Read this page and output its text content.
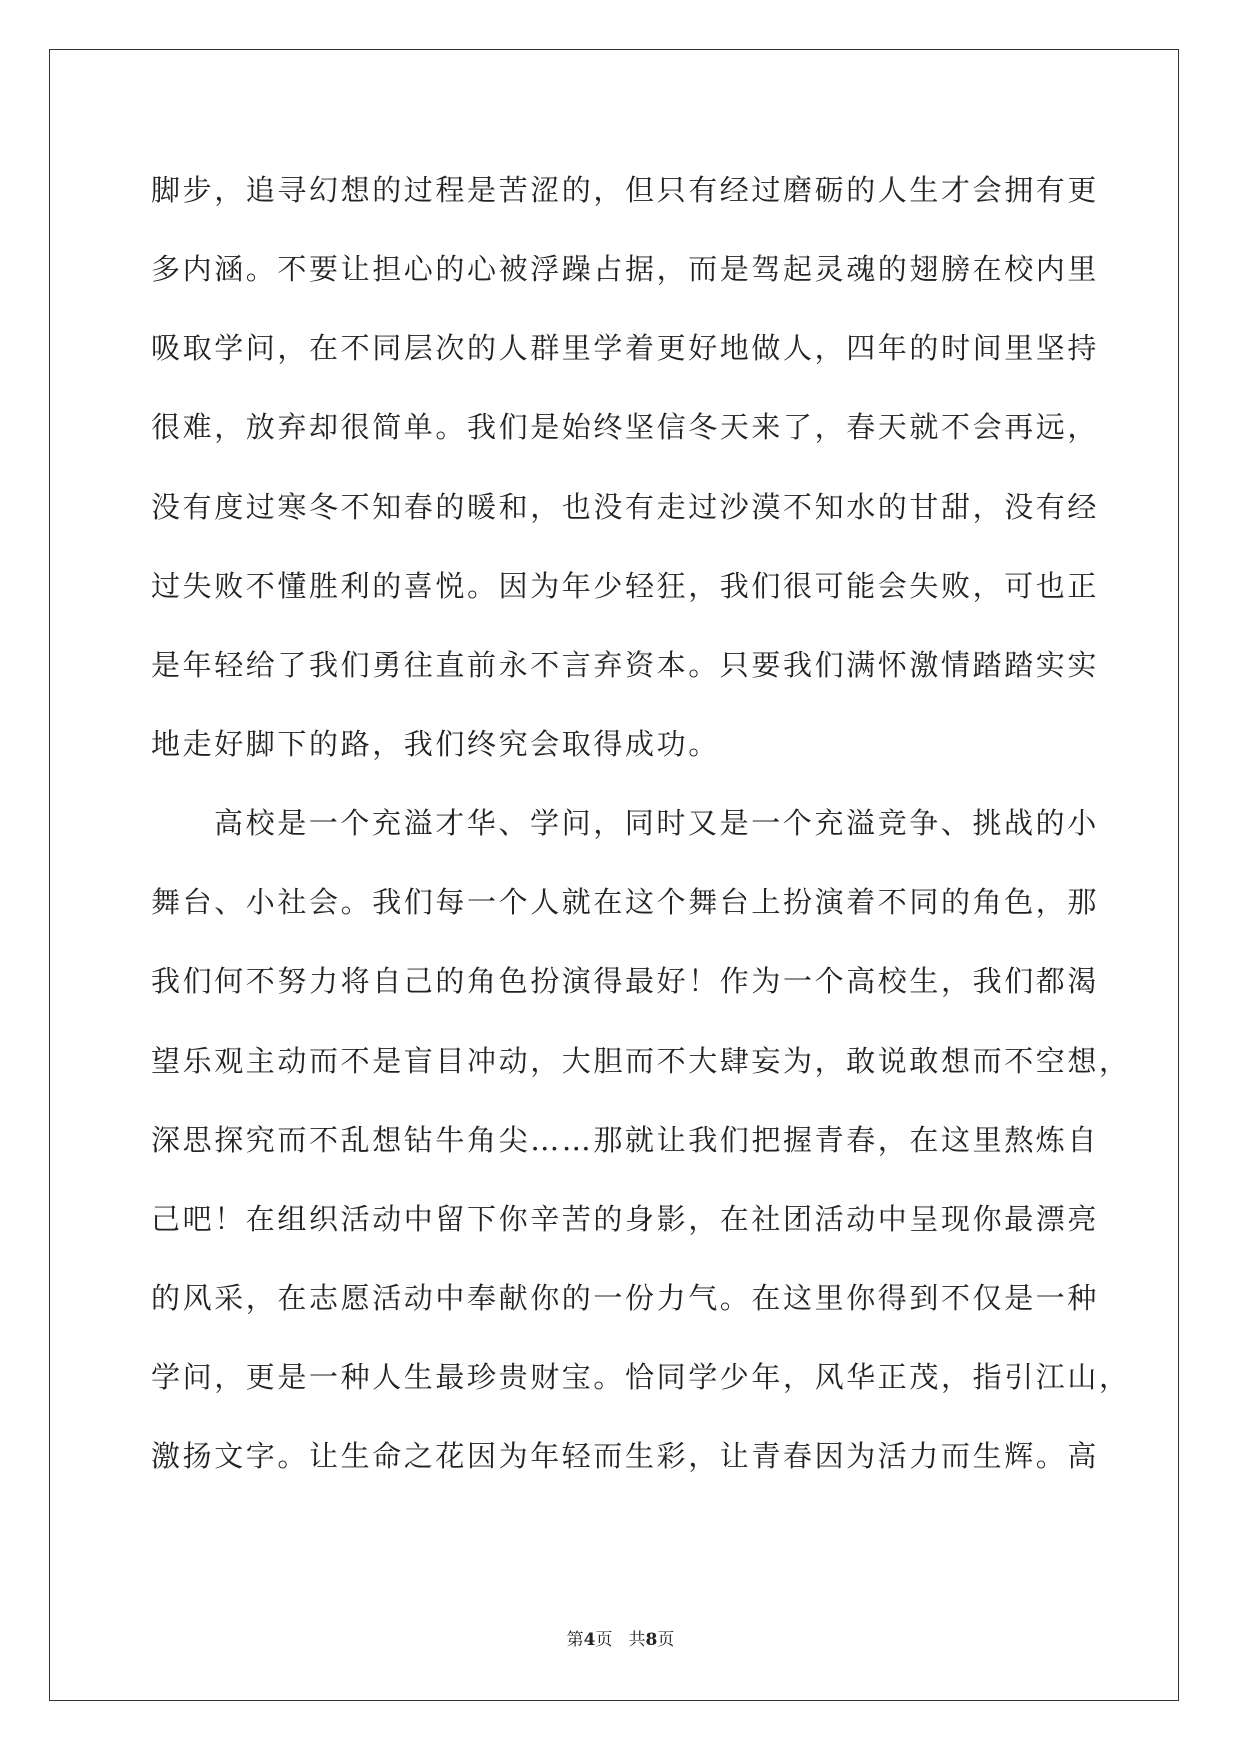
脚步，追寻幻想的过程是苦涩的，但只有经过磨砺的人生才会拥有更
多内涵。不要让担心的心被浮躁占据，而是驾起灵魂的翅膀在校内里
吸取学问，在不同层次的人群里学着更好地做人，四年的时间里坚持
很难，放弃却很简单。我们是始终坚信冬天来了，春天就不会再远，
没有度过寒冬不知春的暖和，也没有走过沙漠不知水的甘甜，没有经
过失败不懂胜利的喜悦。因为年少轻狂，我们很可能会失败，可也正
是年轻给了我们勇往直前永不言弃资本。只要我们满怀激情踏踏实实
地走好脚下的路，我们终究会取得成功。
高校是一个充溢才华、学问，同时又是一个充溢竞争、挑战的小
舞台、小社会。我们每一个人就在这个舞台上扮演着不同的角色，那
我们何不努力将自己的角色扮演得最好！作为一个高校生，我们都渴
望乐观主动而不是盲目冲动，大胆而不大肆妄为，敢说敢想而不空想，
深思探究而不乱想钻牛角尖……那就让我们把握青春，在这里熬炼自
己吧！在组织活动中留下你辛苦的身影，在社团活动中呈现你最漂亮
的风采，在志愿活动中奉献你的一份力气。在这里你得到不仅是一种
学问，更是一种人生最珍贵财宝。恰同学少年，风华正茂，指引江山，
激扬文字。让生命之花因为年轻而生彩，让青春因为活力而生辉。高
第4页 共8页
